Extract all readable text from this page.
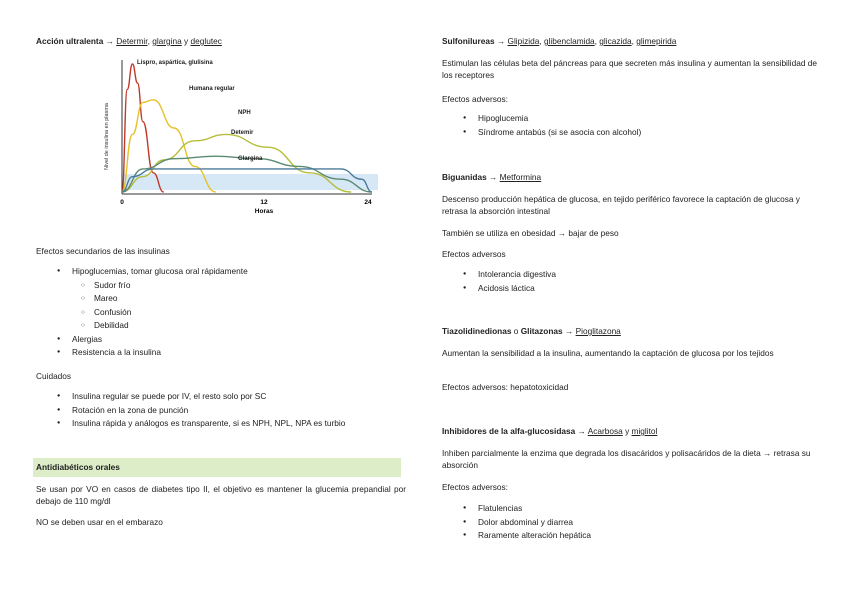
Acción ultralenta → Determir, glargina y deglutec

Lispro, aspártica, glulisina
Humana regular
NPH
Detemir
Glargina
Nivel de insulina en plasma
0	12	24
Horas

Efectos secundarios de las insulinas

● Hipoglucemias, tomar glucosa oral rápidamente
○ Sudor frío
○ Mareo
○ Confusión
○ Debilidad
● Alergias
● Resistencia a la insulina

Cuidados

● Insulina regular se puede por IV, el resto solo por SC
● Rotación en la zona de punción
● Insulina rápida y análogos es transparente, si es NPH, NPL, NPA es turbio
Antidiabéticos orales

Se usan por VO en casos de diabetes tipo II, el objetivo es mantener la glucemia prepandial por debajo de 110 mg/dl

NO se deben usar en el embarazo

Sulfonilureas → Glipizida, glibenclamida, glicazida, glimepirida

Estimulan las células beta del páncreas para que secreten más insulina y aumentan la sensibilidad de los receptores

Efectos adversos:

● Hipoglucemia
● Síndrome antabús (si se asocia con alcohol)

Biguanidas → Metformina

Descenso producción hepática de glucosa, en tejido periférico favorece la captación de glucosa y retrasa la absorción intestinal

También se utiliza en obesidad → bajar de peso

Efectos adversos

● Intolerancia digestiva
● Acidosis láctica

Tiazolidinedionas o Glitazonas → Pioglitazona

Aumentan la sensibilidad a la insulina, aumentando la captación de glucosa por los tejidos

Efectos adversos: hepatotoxicidad

Inhibidores de la alfa-glucosidasa → Acarbosa y miglitol

Inhiben parcialmente la enzima que degrada los disacáridos y polisacáridos de la dieta → retrasa su absorción

Efectos adversos:

● Flatulencias
● Dolor abdominal y diarrea
● Raramente alteración hepática
